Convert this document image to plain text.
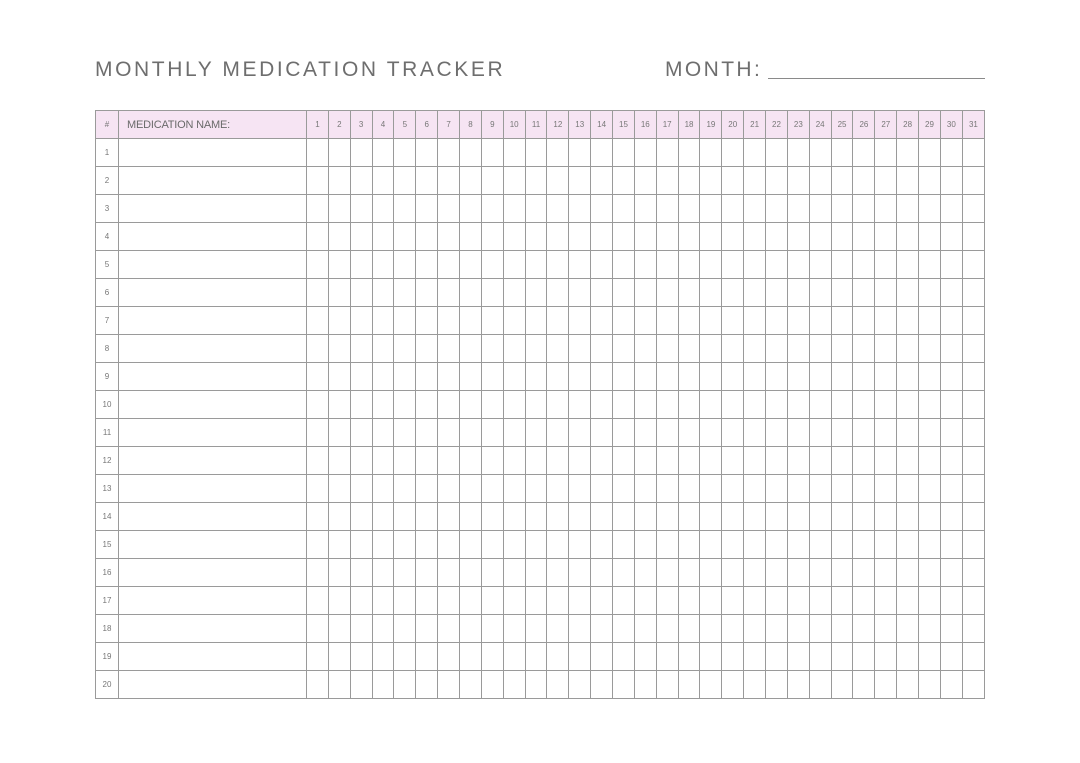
MONTHLY MEDICATION TRACKER	MONTH:
#	MEDICATION NAME:	1	2	3	4	5	6	7	8	9	10	11	12	13	14	15	16	17	18	19	20	21	22	23	24	25	26	27	28	29	30	31
1																																
2																																
3																																
4																																
5																																
6																																
7																																
8																																
9																																
10																																
11																																
12																																
13																																
14																																
15																																
16																																
17																																
18																																
19																																
20																																
